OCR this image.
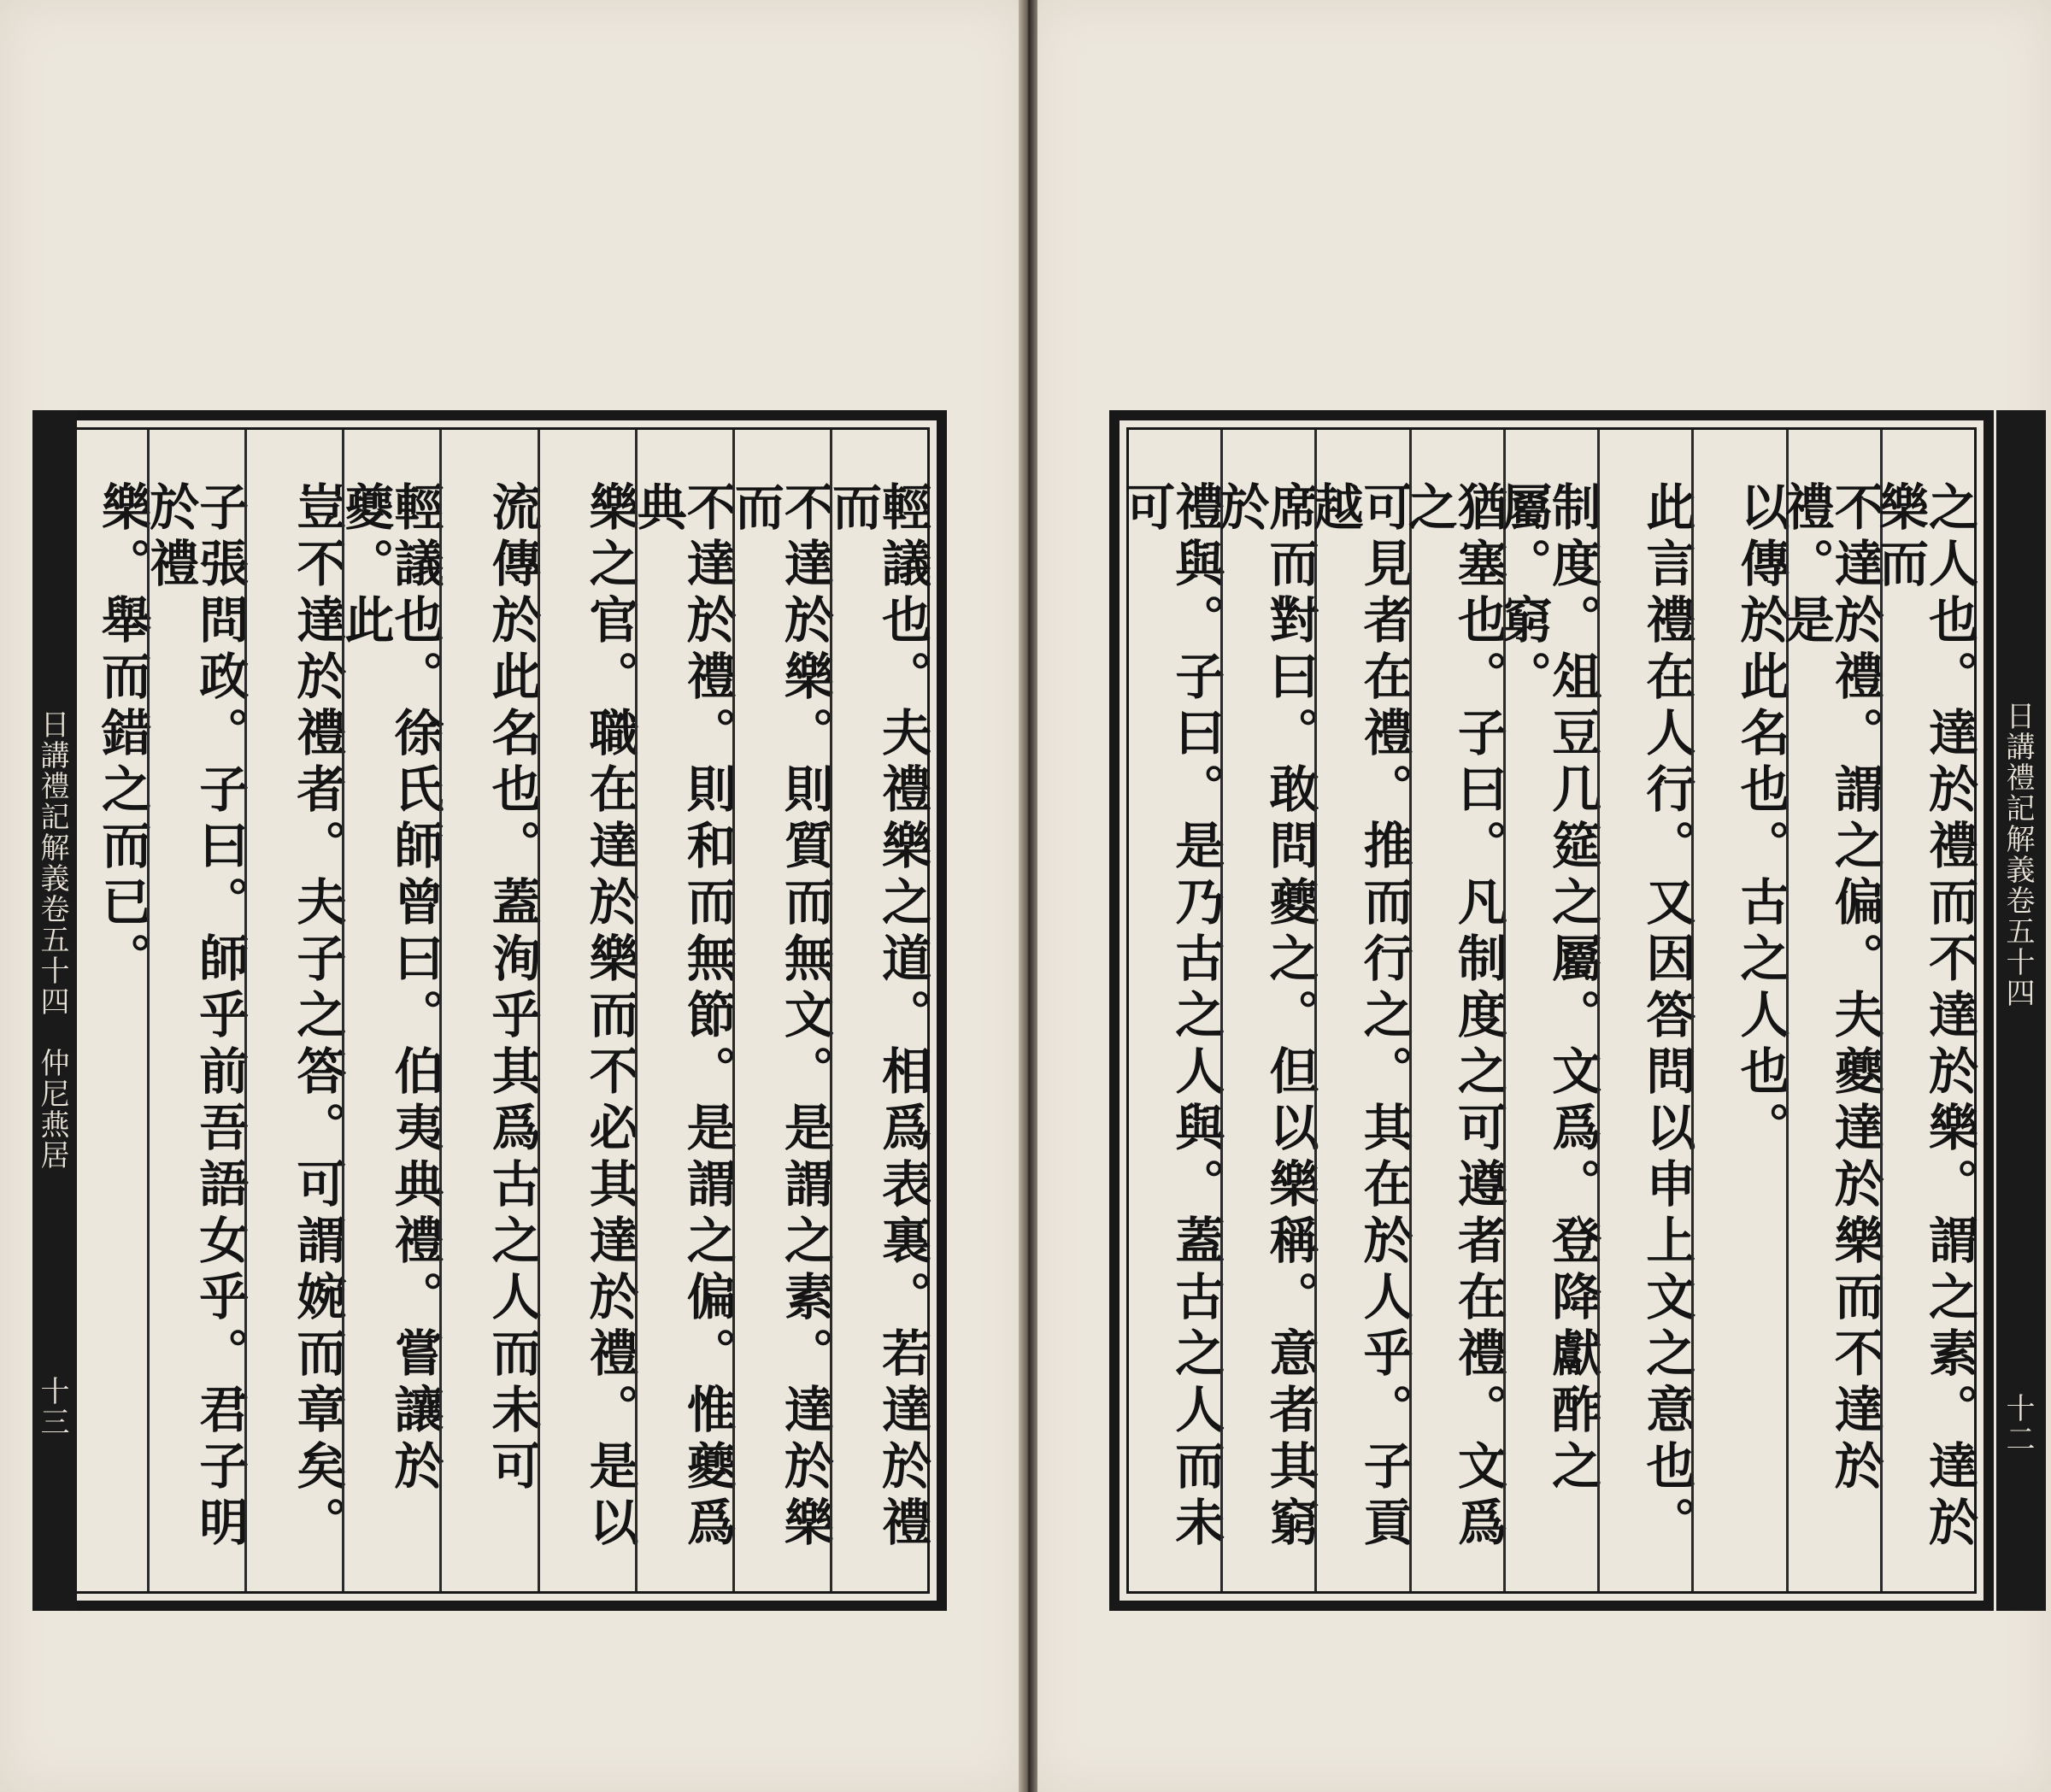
樂。舉而錯之而已。 子張問政。子曰。師乎前吾語女乎。君子明於禮	豈不達於禮者。夫子之答。可謂婉而章矣。 輕議也。徐氏師曾曰。伯夷典禮。嘗讓於夔。此	流傳於此名也。蓋洵乎其爲古之人而未可 樂之官。職在達於樂而不必其達於禮。是以 不達於禮。則和而無節。是謂之偏。惟夔爲典	不達於樂。則質而無文。是謂之素。達於樂而	輕議也。夫禮樂之道。相爲表裏。若達於禮而
日講禮記解義卷五十四　仲尼燕居
十三	禮與。子曰。是乃古之人與。蓋古之人而未可	席而對曰。敢問夔之。但以樂稱。意者其窮於	可見者在禮。推而行之。其在於人乎。子貢越	猶塞也。子曰。凡制度之可遵者在禮。文爲之	制度。俎豆几筵之屬。文爲。登降獻酢之屬。窮。	此言禮在人行。又因答問以申上文之意也。 以傳於此名也。古之人也。 不達於禮。謂之偏。夫夔達於樂而不達於禮。是	之人也。達於禮而不達於樂。謂之素。達於樂而
日講禮記解義卷五十四
十二
